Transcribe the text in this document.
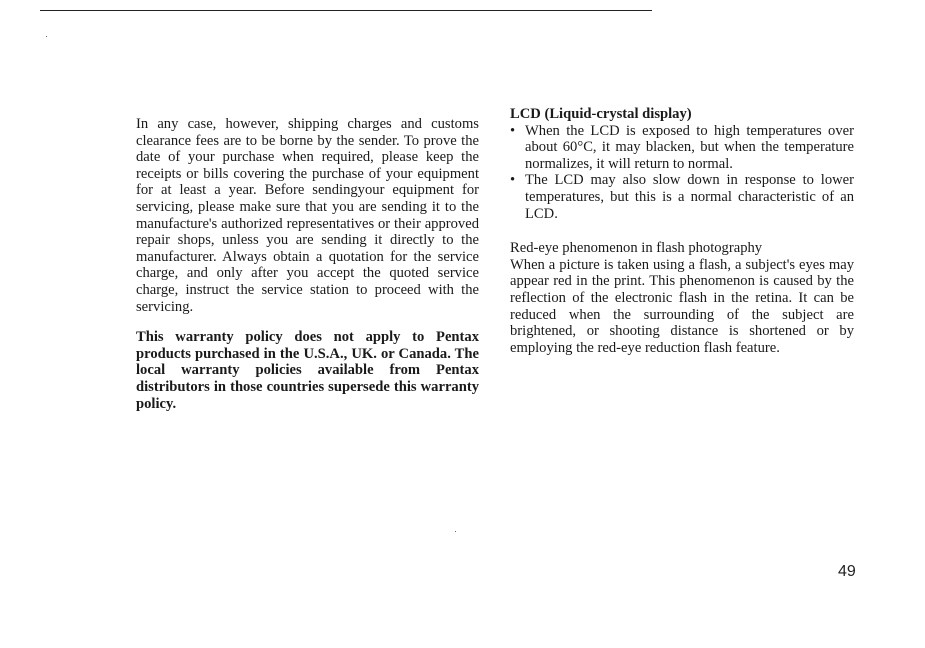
In any case, however, shipping charges and customs clearance fees are to be borne by the sender. To prove the date of your purchase when required, please keep the receipts or bills covering the purchase of your equipment for at least a year. Before sendingyour equipment for servicing, please make sure that you are sending it to the manufacture's authorized representatives or their approved repair shops, unless you are sending it directly to the manufacturer. Always obtain a quotation for the service charge, and only after you accept the quoted service charge, instruct the service station to proceed with the servicing.

This warranty policy does not apply to Pentax products purchased in the U.S.A., UK. or Canada. The local warranty policies available from Pentax distributors in those countries supersede this warranty policy.

LCD (Liquid-crystal display)

• When the LCD is exposed to high temperatures over about 60°C, it may blacken, but when the temperature normalizes, it will return to normal.
• The LCD may also slow down in response to lower temperatures, but this is a normal characteristic of an LCD.

Red-eye phenomenon in flash photography

When a picture is taken using a flash, a subject's eyes may appear red in the print. This phenomenon is caused by the reflection of the electronic flash in the retina. It can be reduced when the surrounding of the subject are brightened, or shooting distance is shortened or by employing the red-eye reduction flash feature.

49
